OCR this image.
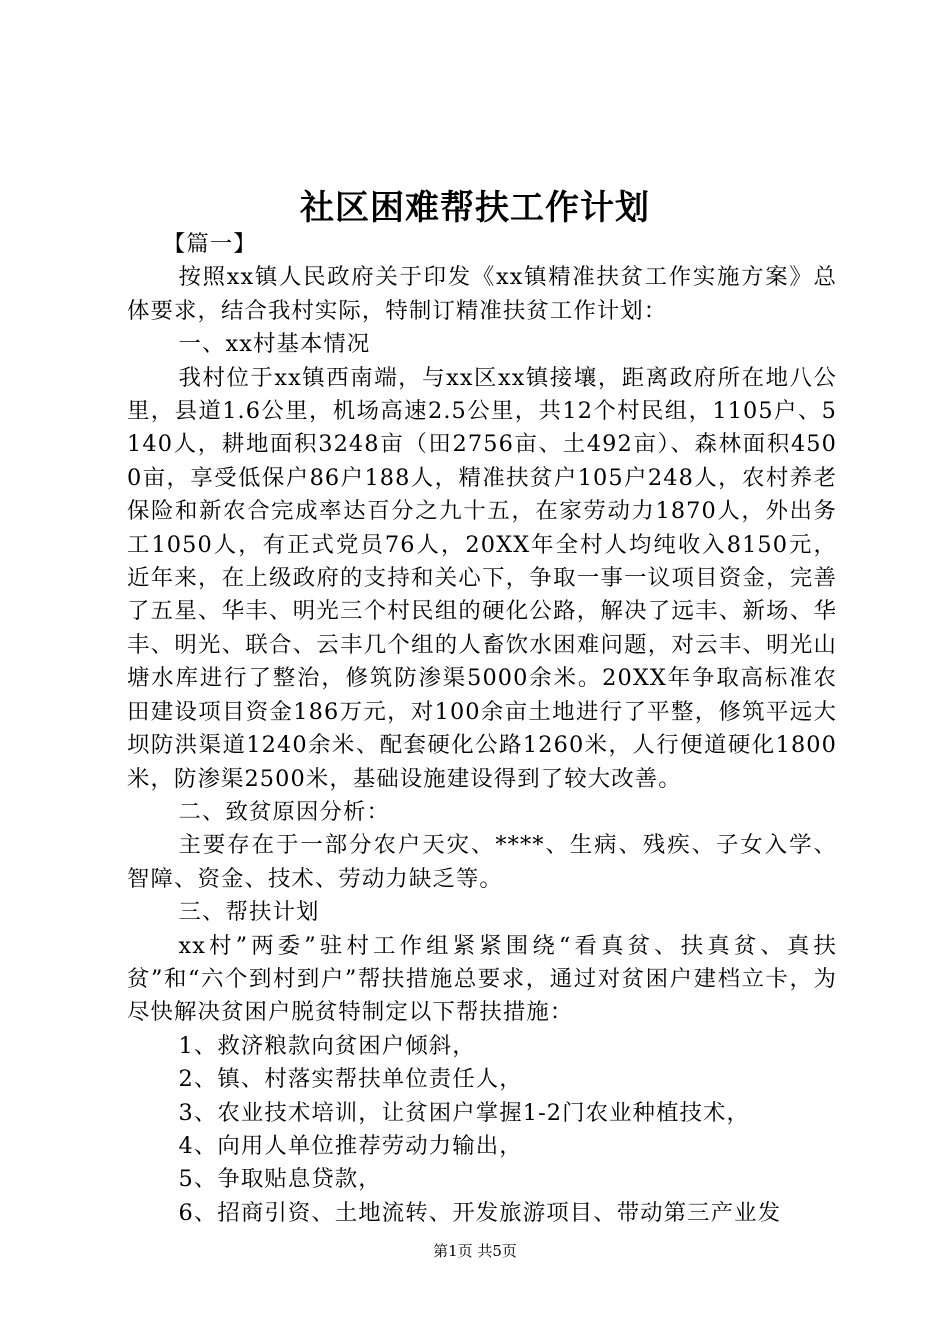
社区困难帮扶工作计划

【篇一】

按照xx镇人民政府关于印发《xx镇精准扶贫工作实施方案》总体要求，结合我村实际，特制订精准扶贫工作计划：

一、xx村基本情况

我村位于xx镇西南端，与xx区xx镇接壤，距离政府所在地八公里，县道1.6公里，机场高速2.5公里，共12个村民组，1105户、5140人，耕地面积3248亩（田2756亩、土492亩）、森林面积4500亩，享受低保户86户188人，精准扶贫户105户248人，农村养老保险和新农合完成率达百分之九十五，在家劳动力1870人，外出务工1050人，有正式党员76人，20XX年全村人均纯收入8150元，近年来，在上级政府的支持和关心下，争取一事一议项目资金，完善了五星、华丰、明光三个村民组的硬化公路，解决了远丰、新场、华丰、明光、联合、云丰几个组的人畜饮水困难问题，对云丰、明光山塘水库进行了整治，修筑防渗渠5000余米。20XX年争取高标准农田建设项目资金186万元，对100余亩土地进行了平整，修筑平远大坝防洪渠道1240余米、配套硬化公路1260米，人行便道硬化1800米，防渗渠2500米，基础设施建设得到了较大改善。

二、致贫原因分析：

主要存在于一部分农户天灾、****、生病、残疾、子女入学、智障、资金、技术、劳动力缺乏等。

三、帮扶计划

xx村”两委”驻村工作组紧紧围绕“看真贫、扶真贫、真扶贫”和“六个到村到户”帮扶措施总要求，通过对贫困户建档立卡，为尽快解决贫困户脱贫特制定以下帮扶措施：

1、救济粮款向贫困户倾斜，

2、镇、村落实帮扶单位责任人，

3、农业技术培训，让贫困户掌握1-2门农业种植技术，

4、向用人单位推荐劳动力输出，

5、争取贴息贷款，

6、招商引资、土地流转、开发旅游项目、带动第三产业发

第1页 共5页
